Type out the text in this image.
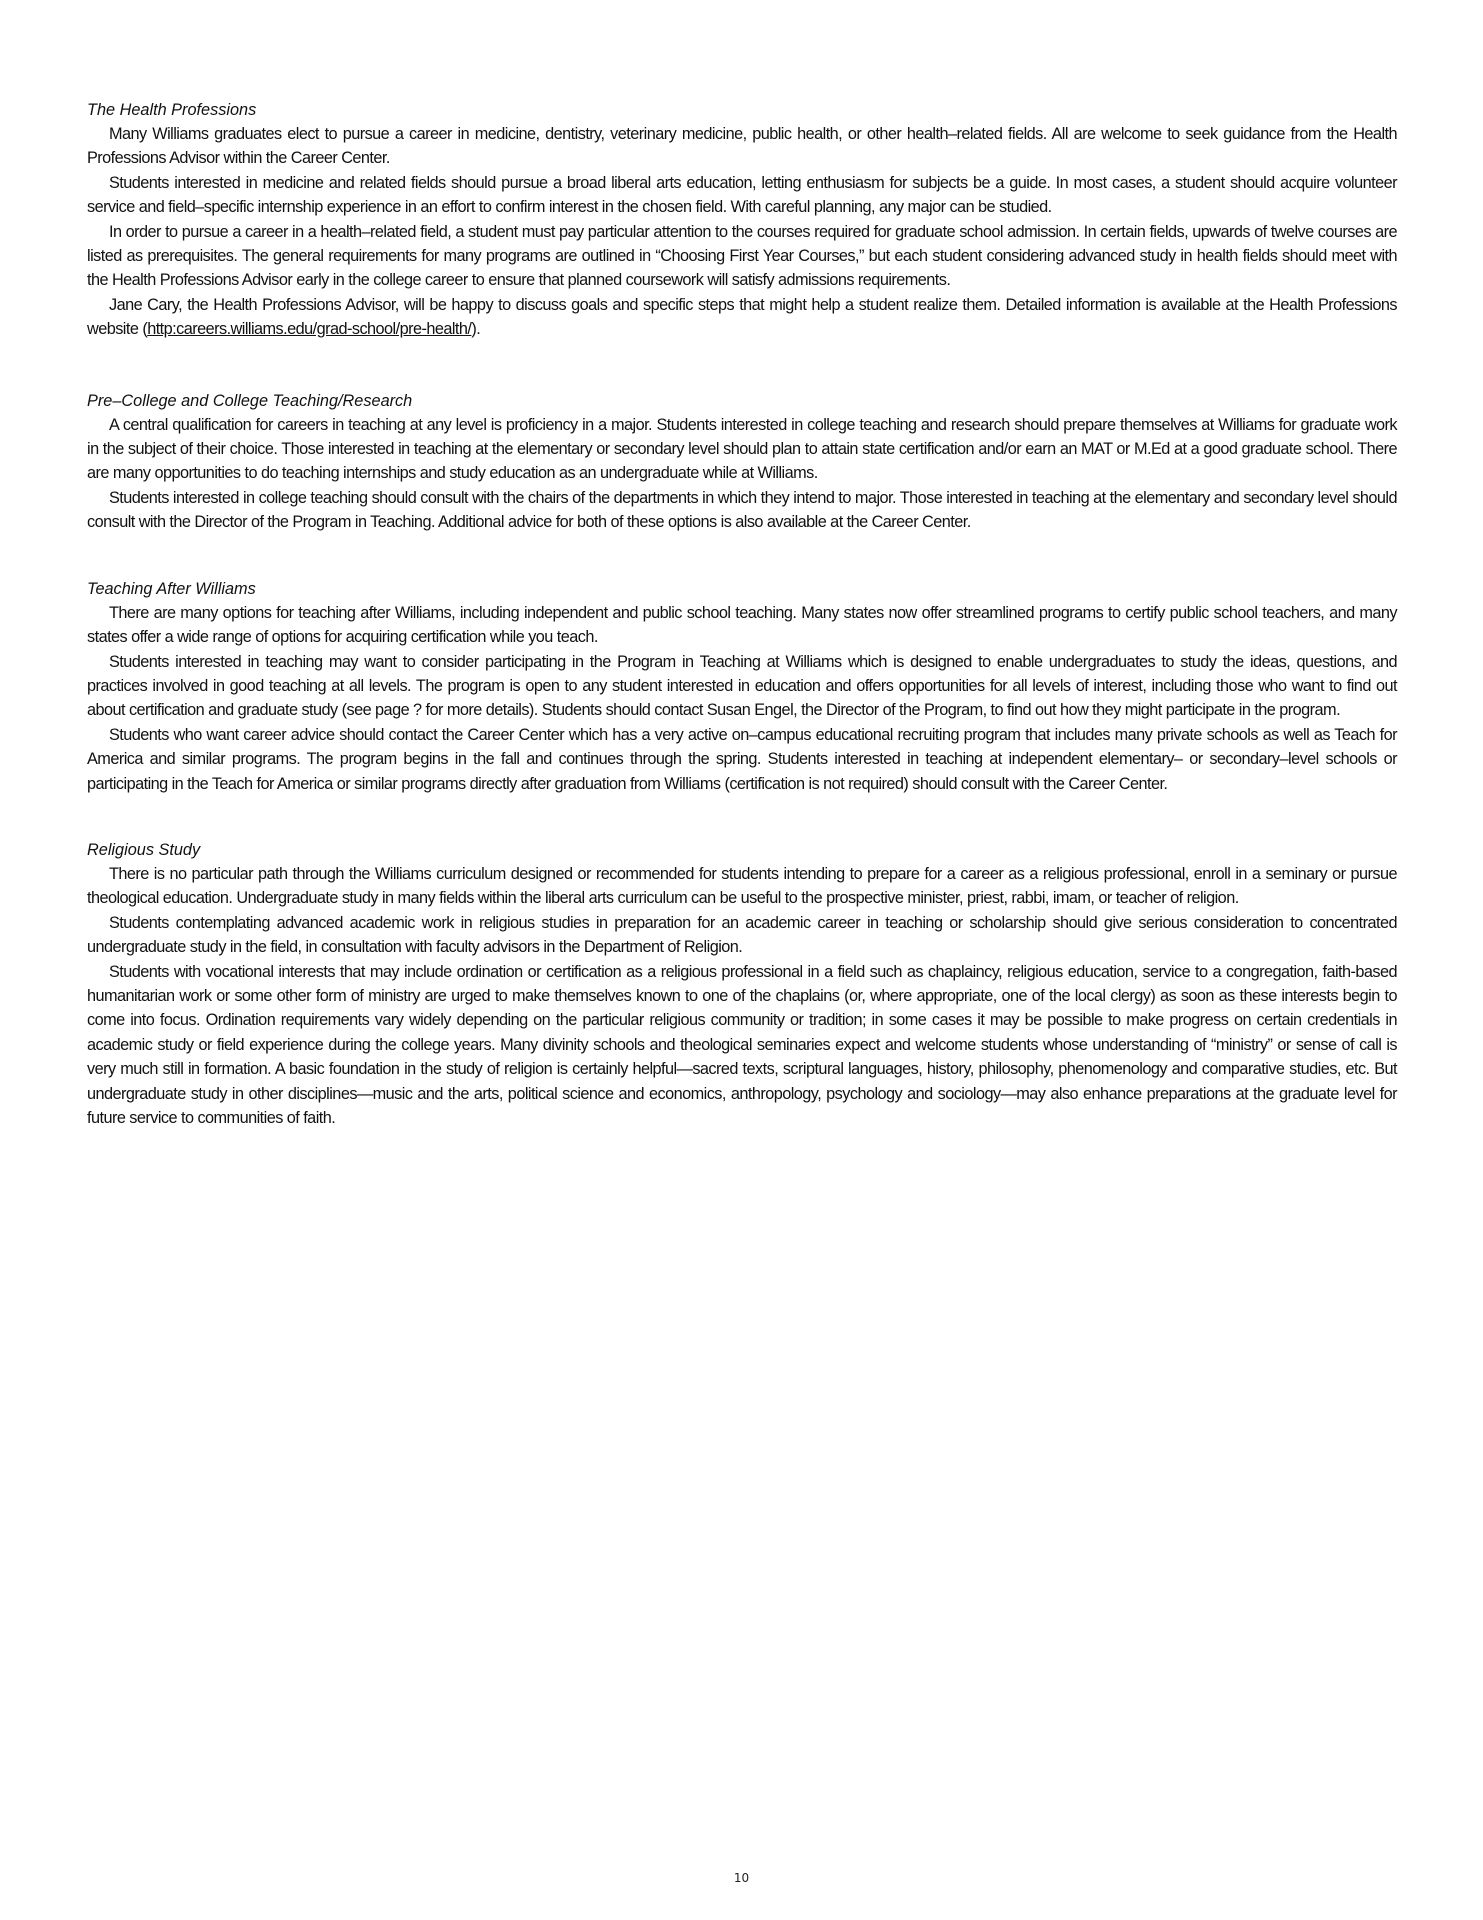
The Health Professions

Many Williams graduates elect to pursue a career in medicine, dentistry, veterinary medicine, public health, or other health–related fields. All are welcome to seek guidance from the Health Professions Advisor within the Career Center.

Students interested in medicine and related fields should pursue a broad liberal arts education, letting enthusiasm for subjects be a guide. In most cases, a student should acquire volunteer service and field–specific internship experience in an effort to confirm interest in the chosen field. With careful planning, any major can be studied.

In order to pursue a career in a health–related field, a student must pay particular attention to the courses required for graduate school admission. In certain fields, upwards of twelve courses are listed as prerequisites. The general requirements for many programs are outlined in “Choosing First Year Courses,” but each student considering advanced study in health fields should meet with the Health Professions Advisor early in the college career to ensure that planned coursework will satisfy admissions requirements.

Jane Cary, the Health Professions Advisor, will be happy to discuss goals and specific steps that might help a student realize them. Detailed information is available at the Health Professions website (http:careers.williams.edu/grad-school/pre-health/).

Pre–College and College Teaching/Research

A central qualification for careers in teaching at any level is proficiency in a major. Students interested in college teaching and research should prepare themselves at Williams for graduate work in the subject of their choice. Those interested in teaching at the elementary or secondary level should plan to attain state certification and/or earn an MAT or M.Ed at a good graduate school. There are many opportunities to do teaching internships and study education as an undergraduate while at Williams.

Students interested in college teaching should consult with the chairs of the departments in which they intend to major. Those interested in teaching at the elementary and secondary level should consult with the Director of the Program in Teaching. Additional advice for both of these options is also available at the Career Center.

Teaching After Williams

There are many options for teaching after Williams, including independent and public school teaching. Many states now offer streamlined programs to certify public school teachers, and many states offer a wide range of options for acquiring certification while you teach.

Students interested in teaching may want to consider participating in the Program in Teaching at Williams which is designed to enable undergraduates to study the ideas, questions, and practices involved in good teaching at all levels. The program is open to any student interested in education and offers opportunities for all levels of interest, including those who want to find out about certification and graduate study (see page ? for more details). Students should contact Susan Engel, the Director of the Program, to find out how they might participate in the program.

Students who want career advice should contact the Career Center which has a very active on–campus educational recruiting program that includes many private schools as well as Teach for America and similar programs. The program begins in the fall and continues through the spring. Students interested in teaching at independent elementary– or secondary–level schools or participating in the Teach for America or similar programs directly after graduation from Williams (certification is not required) should consult with the Career Center.

Religious Study

There is no particular path through the Williams curriculum designed or recommended for students intending to prepare for a career as a religious professional, enroll in a seminary or pursue theological education. Undergraduate study in many fields within the liberal arts curriculum can be useful to the prospective minister, priest, rabbi, imam, or teacher of religion.

Students contemplating advanced academic work in religious studies in preparation for an academic career in teaching or scholarship should give serious consideration to concentrated undergraduate study in the field, in consultation with faculty advisors in the Department of Religion.

Students with vocational interests that may include ordination or certification as a religious professional in a field such as chaplaincy, religious education, service to a congregation, faith-based humanitarian work or some other form of ministry are urged to make themselves known to one of the chaplains (or, where appropriate, one of the local clergy) as soon as these interests begin to come into focus. Ordination requirements vary widely depending on the particular religious community or tradition; in some cases it may be possible to make progress on certain credentials in academic study or field experience during the college years. Many divinity schools and theological seminaries expect and welcome students whose understanding of “ministry” or sense of call is very much still in formation. A basic foundation in the study of religion is certainly helpful—sacred texts, scriptural languages, history, philosophy, phenomenology and comparative studies, etc. But undergraduate study in other disciplines—music and the arts, political science and economics, anthropology, psychology and sociology—may also enhance preparations at the graduate level for future service to communities of faith.

10
